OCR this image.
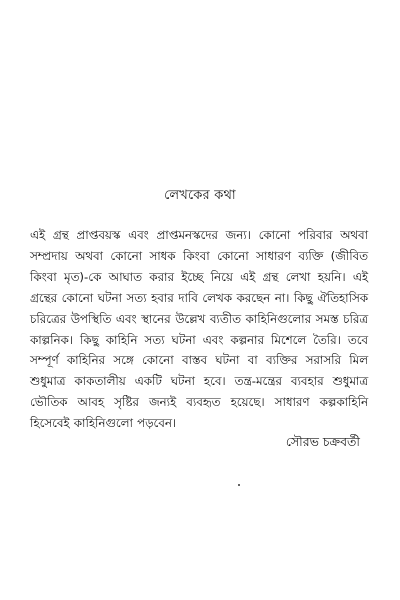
লেখকের কথা

এই গ্রন্থ প্রাপ্তবয়স্ক এবং প্রাপ্তমনস্কদের জন্য। কোনো পরিবার অথবা সম্প্রদায় অথবা কোনো সাধক কিংবা কোনো সাধারণ ব্যক্তি (জীবিত কিংবা মৃত)-কে আঘাত করার ইচ্ছে নিয়ে এই গ্রন্থ লেখা হয়নি। এই গ্রন্থের কোনো ঘটনা সত্য হবার দাবি লেখক করছেন না। কিছু ঐতিহাসিক চরিত্রের উপস্থিতি এবং স্থানের উল্লেখ ব্যতীত কাহিনিগুলোর সমস্ত চরিত্র কাল্পনিক। কিছু কাহিনি সত্য ঘটনা এবং কল্পনার মিশেলে তৈরি। তবে সম্পূর্ণ কাহিনির সঙ্গে কোনো বাস্তব ঘটনা বা ব্যক্তির সরাসরি মিল শুধুমাত্র কাকতালীয় একটি ঘটনা হবে। তন্ত্র-মন্ত্রের ব্যবহার শুধুমাত্র ভৌতিক আবহ সৃষ্টির জন্যই ব্যবহৃত হয়েছে। সাধারণ কল্পকাহিনি হিসেবেই কাহিনিগুলো পড়বেন।

সৌরভ চক্রবর্তী
